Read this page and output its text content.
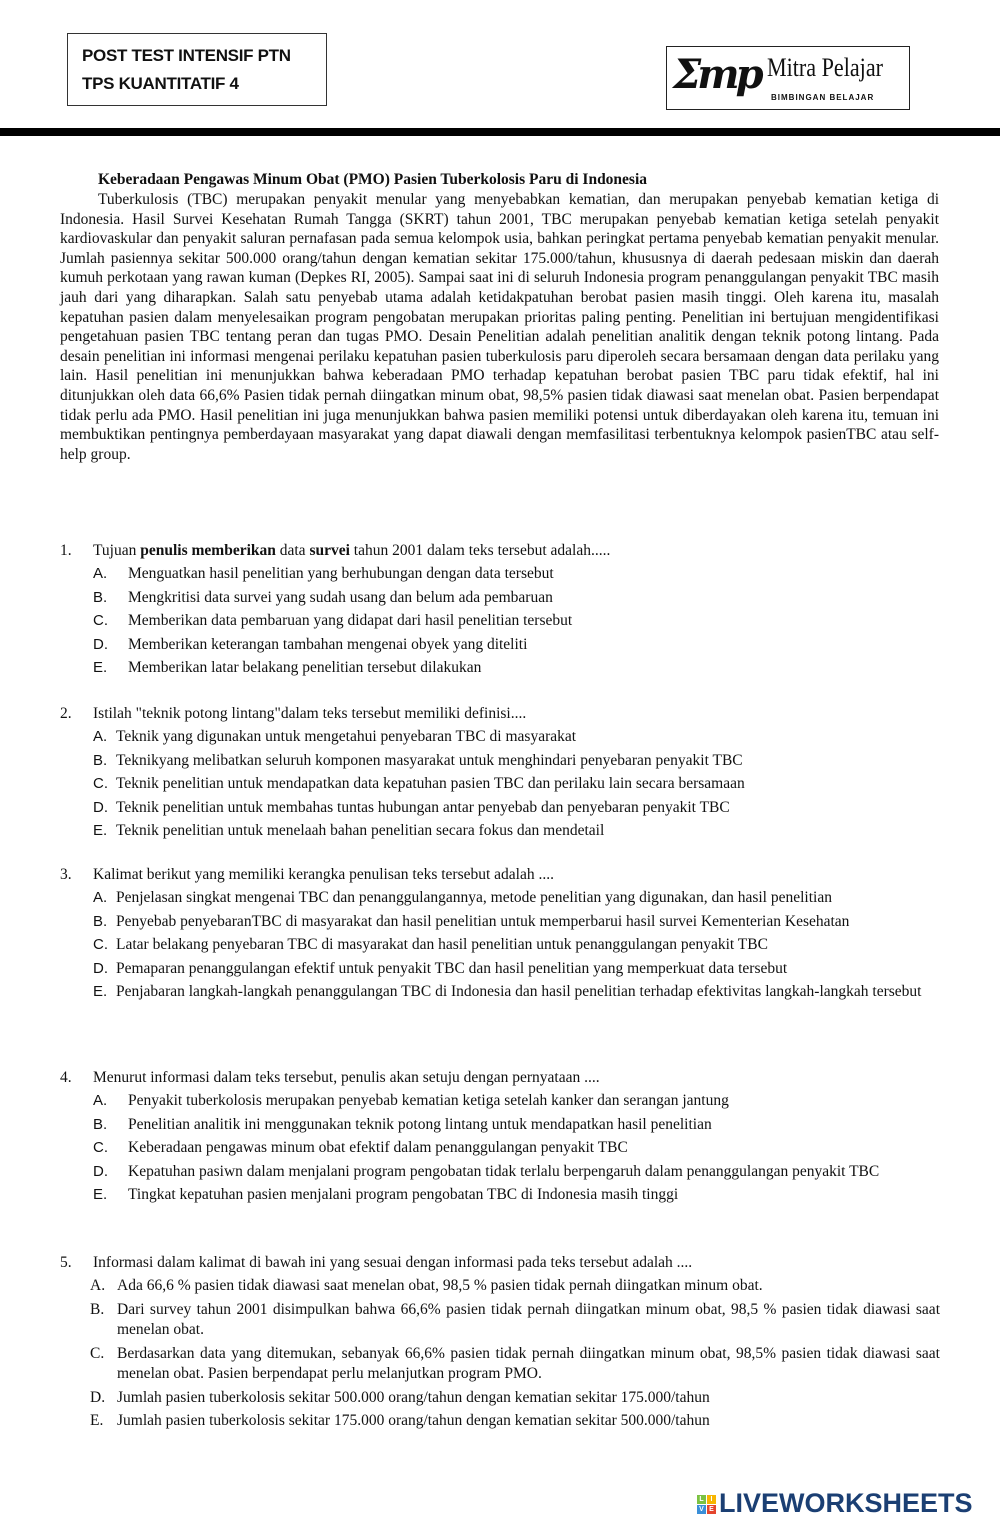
POST TEST INTENSIF PTN
TPS KUANTITATIF 4	Σmp Mitra Pelajar
BIMBINGAN BELAJAR
Keberadaan Pengawas Minum Obat (PMO) Pasien Tuberkolosis Paru di Indonesia
Tuberkulosis (TBC) merupakan penyakit menular yang menyebabkan kematian, dan merupakan penyebab kematian ketiga di Indonesia. Hasil Survei Kesehatan Rumah Tangga (SKRT) tahun 2001, TBC merupakan penyebab kematian ketiga setelah penyakit kardiovaskular dan penyakit saluran pernafasan pada semua kelompok usia, bahkan peringkat pertama penyebab kematian penyakit menular. Jumlah pasiennya sekitar 500.000 orang/tahun dengan kematian sekitar 175.000/tahun, khususnya di daerah pedesaan miskin dan daerah kumuh perkotaan yang rawan kuman (Depkes RI, 2005). Sampai saat ini di seluruh Indonesia program penanggulangan penyakit TBC masih jauh dari yang diharapkan. Salah satu penyebab utama adalah ketidakpatuhan berobat pasien masih tinggi. Oleh karena itu, masalah kepatuhan pasien dalam menyelesaikan program pengobatan merupakan prioritas paling penting. Penelitian ini bertujuan mengidentifikasi pengetahuan pasien TBC tentang peran dan tugas PMO. Desain Penelitian adalah penelitian analitik dengan teknik potong lintang. Pada desain penelitian ini informasi mengenai perilaku kepatuhan pasien tuberkulosis paru diperoleh secara bersamaan dengan data perilaku yang lain. Hasil penelitian ini menunjukkan bahwa keberadaan PMO terhadap kepatuhan berobat pasien TBC paru tidak efektif, hal ini ditunjukkan oleh data 66,6% Pasien tidak pernah diingatkan minum obat, 98,5% pasien tidak diawasi saat menelan obat. Pasien berpendapat tidak perlu ada PMO. Hasil penelitian ini juga menunjukkan bahwa pasien memiliki potensi untuk diberdayakan oleh karena itu, temuan ini membuktikan pentingnya pemberdayaan masyarakat yang dapat diawali dengan memfasilitasi terbentuknya kelompok pasienTBC atau self-help group.
1. Tujuan penulis memberikan data survei tahun 2001 dalam teks tersebut adalah.....
A. Menguatkan hasil penelitian yang berhubungan dengan data tersebut
B. Mengkritisi data survei yang sudah usang dan belum ada pembaruan
C. Memberikan data pembaruan yang didapat dari hasil penelitian tersebut
D. Memberikan keterangan tambahan mengenai obyek yang diteliti
E. Memberikan latar belakang penelitian tersebut dilakukan
2. Istilah "teknik potong lintang"dalam teks tersebut memiliki definisi....
A. Teknik yang digunakan untuk mengetahui penyebaran TBC di masyarakat
B. Teknikyang melibatkan seluruh komponen masyarakat untuk menghindari penyebaran penyakit TBC
C. Teknik penelitian untuk mendapatkan data kepatuhan pasien TBC dan perilaku lain secara bersamaan
D. Teknik penelitian untuk membahas tuntas hubungan antar penyebab dan penyebaran penyakit TBC
E. Teknik penelitian untuk menelaah bahan penelitian secara fokus dan mendetail
3. Kalimat berikut yang memiliki kerangka penulisan teks tersebut adalah ....
A. Penjelasan singkat mengenai TBC dan penanggulangannya, metode penelitian yang digunakan, dan hasil penelitian
B. Penyebab penyebaranTBC di masyarakat dan hasil penelitian untuk memperbarui hasil survei Kementerian Kesehatan
C. Latar belakang penyebaran TBC di masyarakat dan hasil penelitian untuk penanggulangan penyakit TBC
D. Pemaparan penanggulangan efektif untuk penyakit TBC dan hasil penelitian yang memperkuat data tersebut
E. Penjabaran langkah-langkah penanggulangan TBC di Indonesia dan hasil penelitian terhadap efektivitas langkah-langkah tersebut
4. Menurut informasi dalam teks tersebut, penulis akan setuju dengan pernyataan ....
A. Penyakit tuberkolosis merupakan penyebab kematian ketiga setelah kanker dan serangan jantung
B. Penelitian analitik ini menggunakan teknik potong lintang untuk mendapatkan hasil penelitian
C. Keberadaan pengawas minum obat efektif dalam penanggulangan penyakit TBC
D. Kepatuhan pasiwn dalam menjalani program pengobatan tidak terlalu berpengaruh dalam penanggulangan penyakit TBC
E. Tingkat kepatuhan pasien menjalani program pengobatan TBC di Indonesia masih tinggi
5. Informasi dalam kalimat di bawah ini yang sesuai dengan informasi pada teks tersebut adalah ....
A. Ada 66,6 % pasien tidak diawasi saat menelan obat, 98,5 % pasien tidak pernah diingatkan minum obat.
B. Dari survey tahun 2001 disimpulkan bahwa 66,6% pasien tidak pernah diingatkan minum obat, 98,5 % pasien tidak diawasi saat menelan obat.
C. Berdasarkan data yang ditemukan, sebanyak 66,6% pasien tidak pernah diingatkan minum obat, 98,5% pasien tidak diawasi saat menelan obat. Pasien berpendapat perlu melanjutkan program PMO.
D. Jumlah pasien tuberkolosis sekitar 500.000 orang/tahun dengan kematian sekitar 175.000/tahun
E. Jumlah pasien tuberkolosis sekitar 175.000 orang/tahun dengan kematian sekitar 500.000/tahun
L I
V E LIVEWORKSHEETS
